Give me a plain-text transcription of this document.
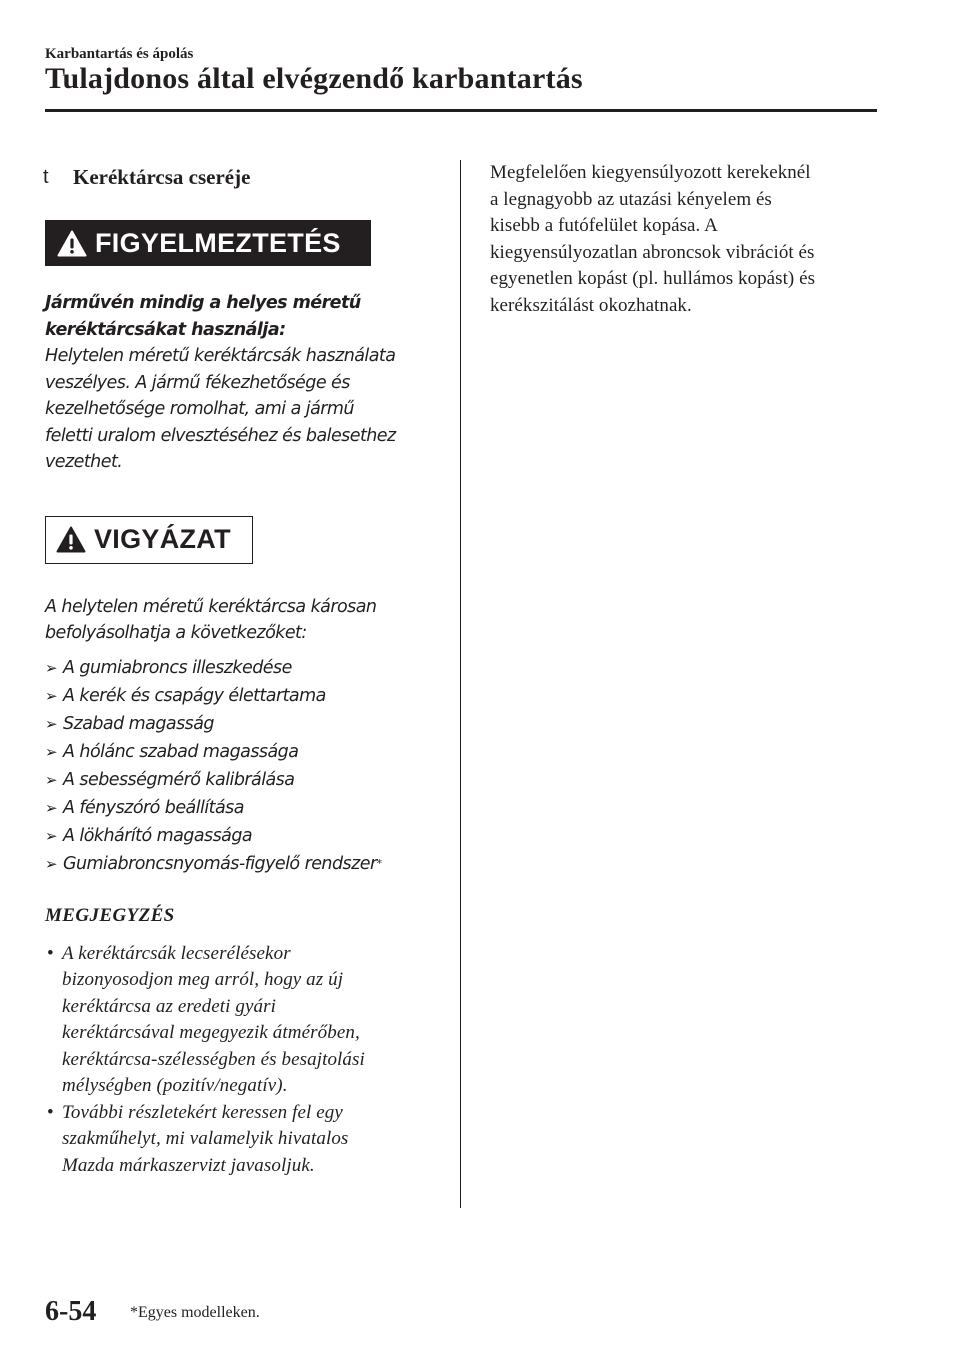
Karbantartás és ápolás
Tulajdonos által elvégzendő karbantartás
t	Keréktárcsa cseréje
FIGYELMEZTETÉS
Járművén mindig a helyes méretű
keréktárcsákat használja:
Helytelen méretű keréktárcsák használata
veszélyes. A jármű fékezhetősége és
kezelhetősége romolhat, ami a jármű
feletti uralom elvesztéséhez és balesethez
vezethet.
VIGYÁZAT
A helytelen méretű keréktárcsa károsan
befolyásolhatja a következőket:
➢ A gumiabroncs illeszkedése
➢ A kerék és csapágy élettartama
➢ Szabad magasság
➢ A hólánc szabad magassága
➢ A sebességmérő kalibrálása
➢ A fényszóró beállítása
➢ A lökhárító magassága
➢ Gumiabroncsnyomás-figyelő rendszer*
MEGJEGYZÉS
• A keréktárcsák lecserélésekor
bizonyosodjon meg arról, hogy az új
keréktárcsa az eredeti gyári
keréktárcsával megegyezik átmérőben,
keréktárcsa-szélességben és besajtolási
mélységben (pozitív/negatív).
• További részletekért keressen fel egy
szakműhelyt, mi valamelyik hivatalos
Mazda márkaszervizt javasoljuk.
Megfelelően kiegyensúlyozott kerekeknél
a legnagyobb az utazási kényelem és
kisebb a futófelület kopása. A
kiegyensúlyozatlan abroncsok vibrációt és
egyenetlen kopást (pl. hullámos kopást) és
kerékszitálást okozhatnak.
6-54 *Egyes modelleken.
